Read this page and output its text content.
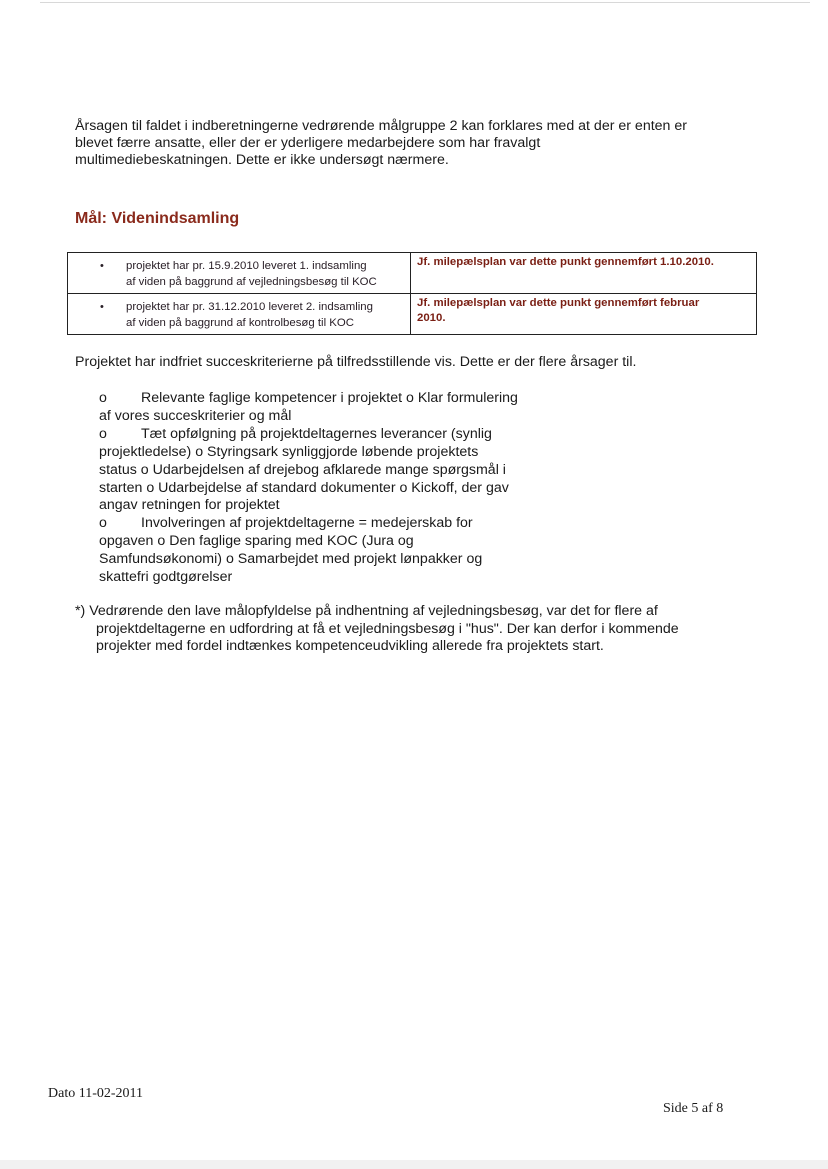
Årsagen til faldet i indberetningerne vedrørende målgruppe 2 kan forklares med at der er enten er
blevet færre ansatte, eller der er yderligere medarbejdere som har fravalgt
multimediebeskatningen. Dette er ikke undersøgt nærmere.

Mål: Videnindsamling
• projektet har pr. 15.9.2010 leveret 1. indsamling
af viden på baggrund af vejledningsbesøg til KOC	Jf. milepælsplan var dette punkt gennemført 1.10.2010.

• projektet har pr. 31.12.2010 leveret 2. indsamling
af viden på baggrund af kontrolbesøg til KOC	Jf. milepælsplan var dette punkt gennemført februar
2010.

Projektet har indfriet succeskriterierne på tilfredsstillende vis. Dette er der flere årsager til.

o Relevante faglige kompetencer i projektet o Klar formulering
af vores succeskriterier og mål
o Tæt opfølgning på projektdeltagernes leverancer (synlig
projektledelse) o Styringsark synliggjorde løbende projektets
status o Udarbejdelsen af drejebog afklarede mange spørgsmål i
starten o Udarbejdelse af standard dokumenter o Kickoff, der gav
angav retningen for projektet
o Involveringen af projektdeltagerne = medejerskab for
opgaven o Den faglige sparing med KOC (Jura og
Samfundsøkonomi) o Samarbejdet med projekt lønpakker og
skattefri godtgørelser
*) Vedrørende den lave målopfyldelse på indhentning af vejledningsbesøg, var det for flere af
projektdeltagerne en udfordring at få et vejledningsbesøg i "hus". Der kan derfor i kommende
projekter med fordel indtænkes kompetenceudvikling allerede fra projektets start.
Dato 11-02-2011
Side 5 af 8
